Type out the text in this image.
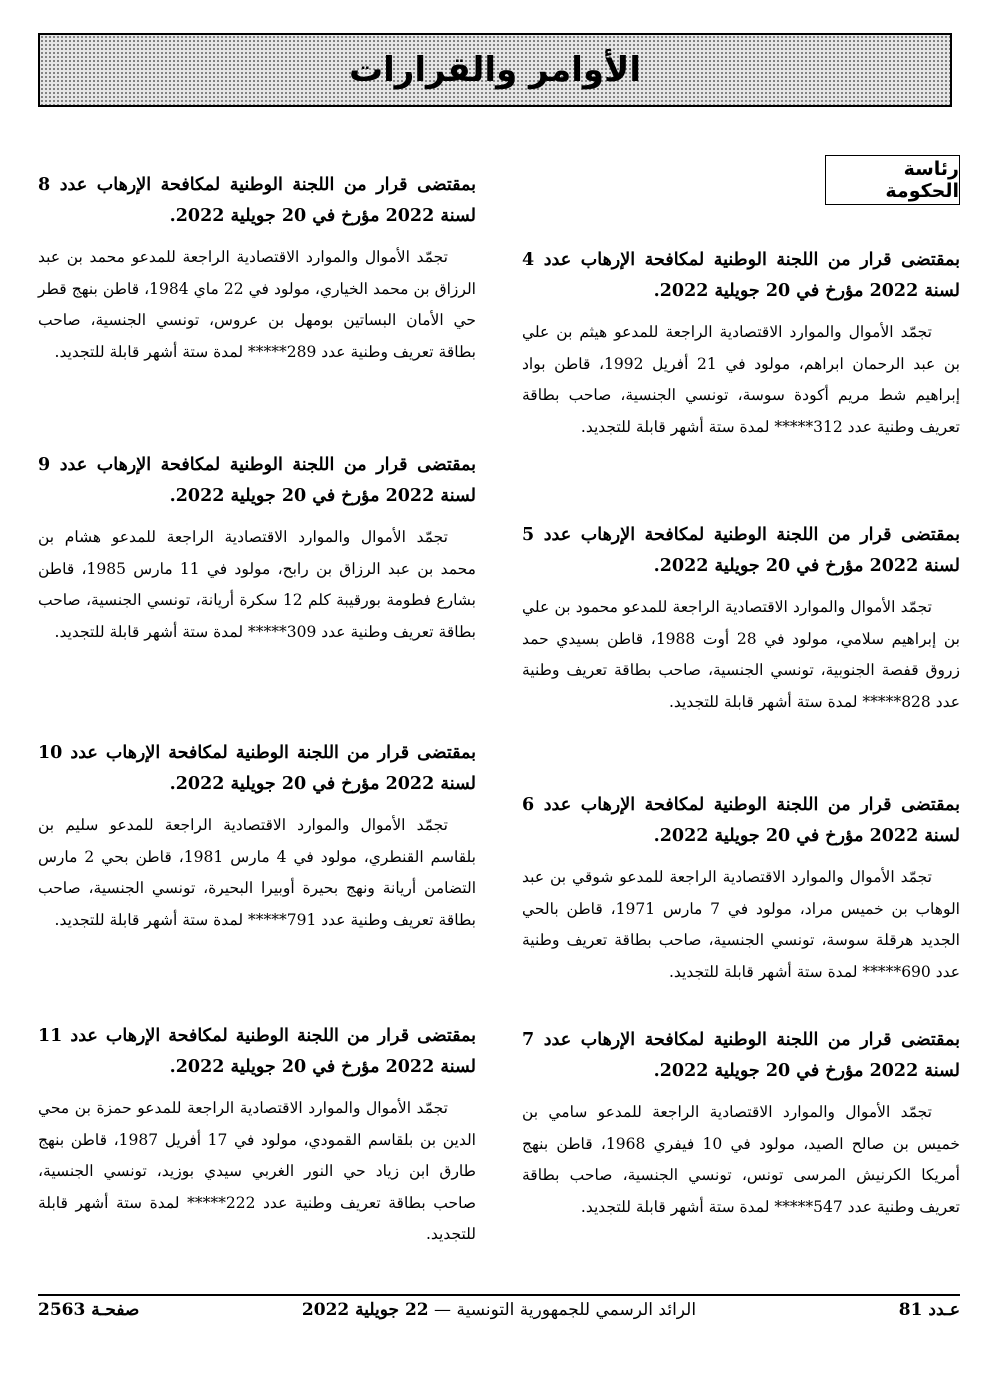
الأوامر والقرارات
رئاسة الحكومة

بمقتضى قرار من اللجنة الوطنية لمكافحة الإرهاب عدد 4 لسنة 2022 مؤرخ في 20 جويلية 2022.

تجمّد الأموال والموارد الاقتصادية الراجعة للمدعو هيثم بن علي بن عبد الرحمان ابراهم، مولود في 21 أفريل 1992، قاطن بواد إبراهيم شط مريم أكودة سوسة، تونسي الجنسية، صاحب بطاقة تعريف وطنية عدد 312***** لمدة ستة أشهر قابلة للتجديد.

بمقتضى قرار من اللجنة الوطنية لمكافحة الإرهاب عدد 5 لسنة 2022 مؤرخ في 20 جويلية 2022.

تجمّد الأموال والموارد الاقتصادية الراجعة للمدعو محمود بن علي بن إبراهيم سلامي، مولود في 28 أوت 1988، قاطن بسيدي حمد زروق قفصة الجنوبية، تونسي الجنسية، صاحب بطاقة تعريف وطنية عدد 828***** لمدة ستة أشهر قابلة للتجديد.

بمقتضى قرار من اللجنة الوطنية لمكافحة الإرهاب عدد 6 لسنة 2022 مؤرخ في 20 جويلية 2022.

تجمّد الأموال والموارد الاقتصادية الراجعة للمدعو شوقي بن عبد الوهاب بن خميس مراد، مولود في 7 مارس 1971، قاطن بالحي الجديد هرقلة سوسة، تونسي الجنسية، صاحب بطاقة تعريف وطنية عدد 690***** لمدة ستة أشهر قابلة للتجديد.

بمقتضى قرار من اللجنة الوطنية لمكافحة الإرهاب عدد 7 لسنة 2022 مؤرخ في 20 جويلية 2022.

تجمّد الأموال والموارد الاقتصادية الراجعة للمدعو سامي بن خميس بن صالح الصيد، مولود في 10 فيفري 1968، قاطن بنهج أمريكا الكرنيش المرسى تونس، تونسي الجنسية، صاحب بطاقة تعريف وطنية عدد 547***** لمدة ستة أشهر قابلة للتجديد.

بمقتضى قرار من اللجنة الوطنية لمكافحة الإرهاب عدد 8 لسنة 2022 مؤرخ في 20 جويلية 2022.

تجمّد الأموال والموارد الاقتصادية الراجعة للمدعو محمد بن عبد الرزاق بن محمد الخياري، مولود في 22 ماي 1984، قاطن بنهج قطر حي الأمان البساتين بومهل بن عروس، تونسي الجنسية، صاحب بطاقة تعريف وطنية عدد 289***** لمدة ستة أشهر قابلة للتجديد.

بمقتضى قرار من اللجنة الوطنية لمكافحة الإرهاب عدد 9 لسنة 2022 مؤرخ في 20 جويلية 2022.

تجمّد الأموال والموارد الاقتصادية الراجعة للمدعو هشام بن محمد بن عبد الرزاق بن رابح، مولود في 11 مارس 1985، قاطن بشارع فطومة بورقيبة كلم 12 سكرة أريانة، تونسي الجنسية، صاحب بطاقة تعريف وطنية عدد 309***** لمدة ستة أشهر قابلة للتجديد.

بمقتضى قرار من اللجنة الوطنية لمكافحة الإرهاب عدد 10 لسنة 2022 مؤرخ في 20 جويلية 2022.

تجمّد الأموال والموارد الاقتصادية الراجعة للمدعو سليم بن بلقاسم القنطري، مولود في 4 مارس 1981، قاطن بحي 2 مارس التضامن أريانة ونهج بحيرة أوبيرا البحيرة، تونسي الجنسية، صاحب بطاقة تعريف وطنية عدد 791***** لمدة ستة أشهر قابلة للتجديد.

بمقتضى قرار من اللجنة الوطنية لمكافحة الإرهاب عدد 11 لسنة 2022 مؤرخ في 20 جويلية 2022.

تجمّد الأموال والموارد الاقتصادية الراجعة للمدعو حمزة بن محي الدين بن بلقاسم القمودي، مولود في 17 أفريل 1987، قاطن بنهج طارق ابن زياد حي النور الغربي سيدي بوزيد، تونسي الجنسية، صاحب بطاقة تعريف وطنية عدد 222***** لمدة ستة أشهر قابلة للتجديد.

عـدد 81
الرائد الرسمي للجمهورية التونسية — 22 جويلية 2022
صفحـة 2563
